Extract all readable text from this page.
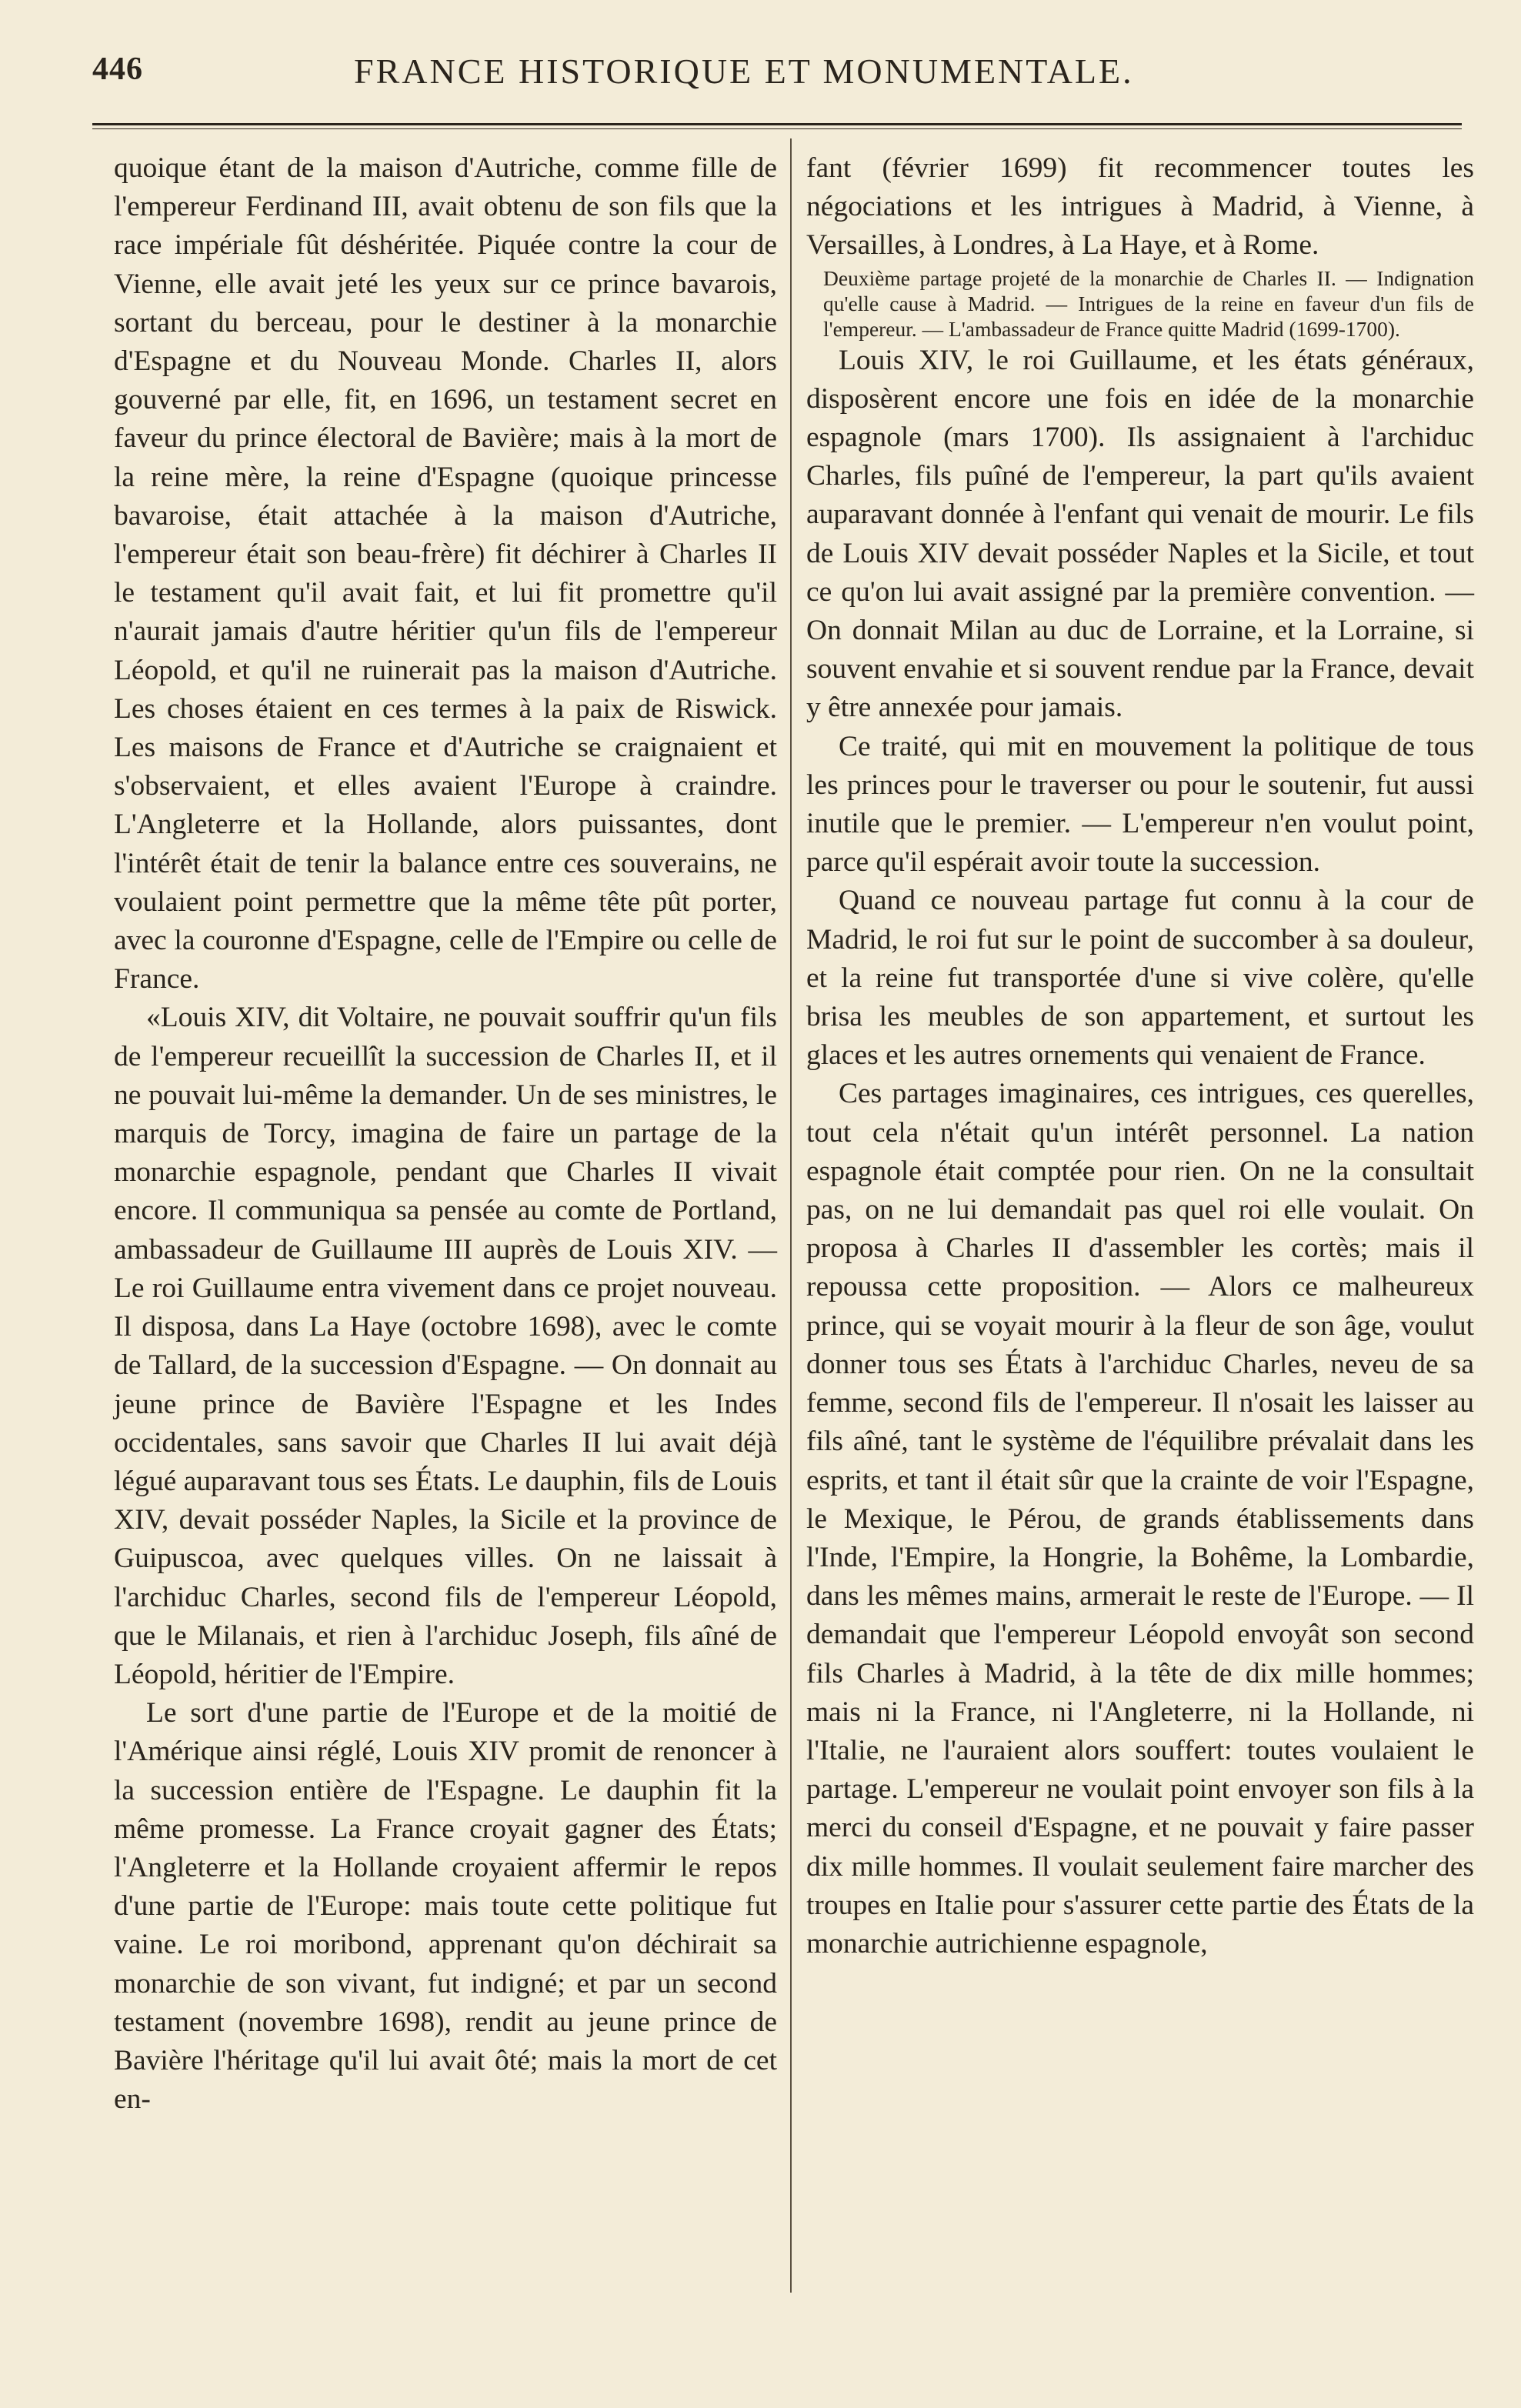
446	FRANCE HISTORIQUE ET MONUMENTALE.

quoique étant de la maison d'Autriche, comme fille de l'empereur Ferdinand III, avait obtenu de son fils que la race impériale fût déshéritée. Piquée contre la cour de Vienne, elle avait jeté les yeux sur ce prince bavarois, sortant du berceau, pour le destiner à la monarchie d'Espagne et du Nouveau Monde. Charles II, alors gouverné par elle, fit, en 1696, un testament secret en faveur du prince électoral de Bavière; mais à la mort de la reine mère, la reine d'Espagne (quoique princesse bavaroise, était attachée à la maison d'Autriche, l'empereur était son beau-frère) fit déchirer à Charles II le testament qu'il avait fait, et lui fit promettre qu'il n'aurait jamais d'autre héritier qu'un fils de l'empereur Léopold, et qu'il ne ruinerait pas la maison d'Autriche. Les choses étaient en ces termes à la paix de Riswick. Les maisons de France et d'Autriche se craignaient et s'observaient, et elles avaient l'Europe à craindre. L'Angleterre et la Hollande, alors puissantes, dont l'intérêt était de tenir la balance entre ces souverains, ne voulaient point permettre que la même tête pût porter, avec la couronne d'Espagne, celle de l'Empire ou celle de France.

«Louis XIV, dit Voltaire, ne pouvait souffrir qu'un fils de l'empereur recueillît la succession de Charles II, et il ne pouvait lui-même la demander. Un de ses ministres, le marquis de Torcy, imagina de faire un partage de la monarchie espagnole, pendant que Charles II vivait encore. Il communiqua sa pensée au comte de Portland, ambassadeur de Guillaume III auprès de Louis XIV. — Le roi Guillaume entra vivement dans ce projet nouveau. Il disposa, dans La Haye (octobre 1698), avec le comte de Tallard, de la succession d'Espagne. — On donnait au jeune prince de Bavière l'Espagne et les Indes occidentales, sans savoir que Charles II lui avait déjà légué auparavant tous ses États. Le dauphin, fils de Louis XIV, devait posséder Naples, la Sicile et la province de Guipuscoa, avec quelques villes. On ne laissait à l'archiduc Charles, second fils de l'empereur Léopold, que le Milanais, et rien à l'archiduc Joseph, fils aîné de Léopold, héritier de l'Empire.

Le sort d'une partie de l'Europe et de la moitié de l'Amérique ainsi réglé, Louis XIV promit de renoncer à la succession entière de l'Espagne. Le dauphin fit la même promesse. La France croyait gagner des États; l'Angleterre et la Hollande croyaient affermir le repos d'une partie de l'Europe: mais toute cette politique fut vaine. Le roi moribond, apprenant qu'on déchirait sa monarchie de son vivant, fut indigné; et par un second testament (novembre 1698), rendit au jeune prince de Bavière l'héritage qu'il lui avait ôté; mais la mort de cet en-

fant (février 1699) fit recommencer toutes les négociations et les intrigues à Madrid, à Vienne, à Versailles, à Londres, à La Haye, et à Rome.

Deuxième partage projeté de la monarchie de Charles II. — Indignation qu'elle cause à Madrid. — Intrigues de la reine en faveur d'un fils de l'empereur. — L'ambassadeur de France quitte Madrid (1699-1700).

Louis XIV, le roi Guillaume, et les états généraux, disposèrent encore une fois en idée de la monarchie espagnole (mars 1700). Ils assignaient à l'archiduc Charles, fils puîné de l'empereur, la part qu'ils avaient auparavant donnée à l'enfant qui venait de mourir. Le fils de Louis XIV devait posséder Naples et la Sicile, et tout ce qu'on lui avait assigné par la première convention. — On donnait Milan au duc de Lorraine, et la Lorraine, si souvent envahie et si souvent rendue par la France, devait y être annexée pour jamais.

Ce traité, qui mit en mouvement la politique de tous les princes pour le traverser ou pour le soutenir, fut aussi inutile que le premier. — L'empereur n'en voulut point, parce qu'il espérait avoir toute la succession.

Quand ce nouveau partage fut connu à la cour de Madrid, le roi fut sur le point de succomber à sa douleur, et la reine fut transportée d'une si vive colère, qu'elle brisa les meubles de son appartement, et surtout les glaces et les autres ornements qui venaient de France.

Ces partages imaginaires, ces intrigues, ces querelles, tout cela n'était qu'un intérêt personnel. La nation espagnole était comptée pour rien. On ne la consultait pas, on ne lui demandait pas quel roi elle voulait. On proposa à Charles II d'assembler les cortès; mais il repoussa cette proposition. — Alors ce malheureux prince, qui se voyait mourir à la fleur de son âge, voulut donner tous ses États à l'archiduc Charles, neveu de sa femme, second fils de l'empereur. Il n'osait les laisser au fils aîné, tant le système de l'équilibre prévalait dans les esprits, et tant il était sûr que la crainte de voir l'Espagne, le Mexique, le Pérou, de grands établissements dans l'Inde, l'Empire, la Hongrie, la Bohême, la Lombardie, dans les mêmes mains, armerait le reste de l'Europe. — Il demandait que l'empereur Léopold envoyât son second fils Charles à Madrid, à la tête de dix mille hommes; mais ni la France, ni l'Angleterre, ni la Hollande, ni l'Italie, ne l'auraient alors souffert: toutes voulaient le partage. L'empereur ne voulait point envoyer son fils à la merci du conseil d'Espagne, et ne pouvait y faire passer dix mille hommes. Il voulait seulement faire marcher des troupes en Italie pour s'assurer cette partie des États de la monarchie autrichienne espagnole,
